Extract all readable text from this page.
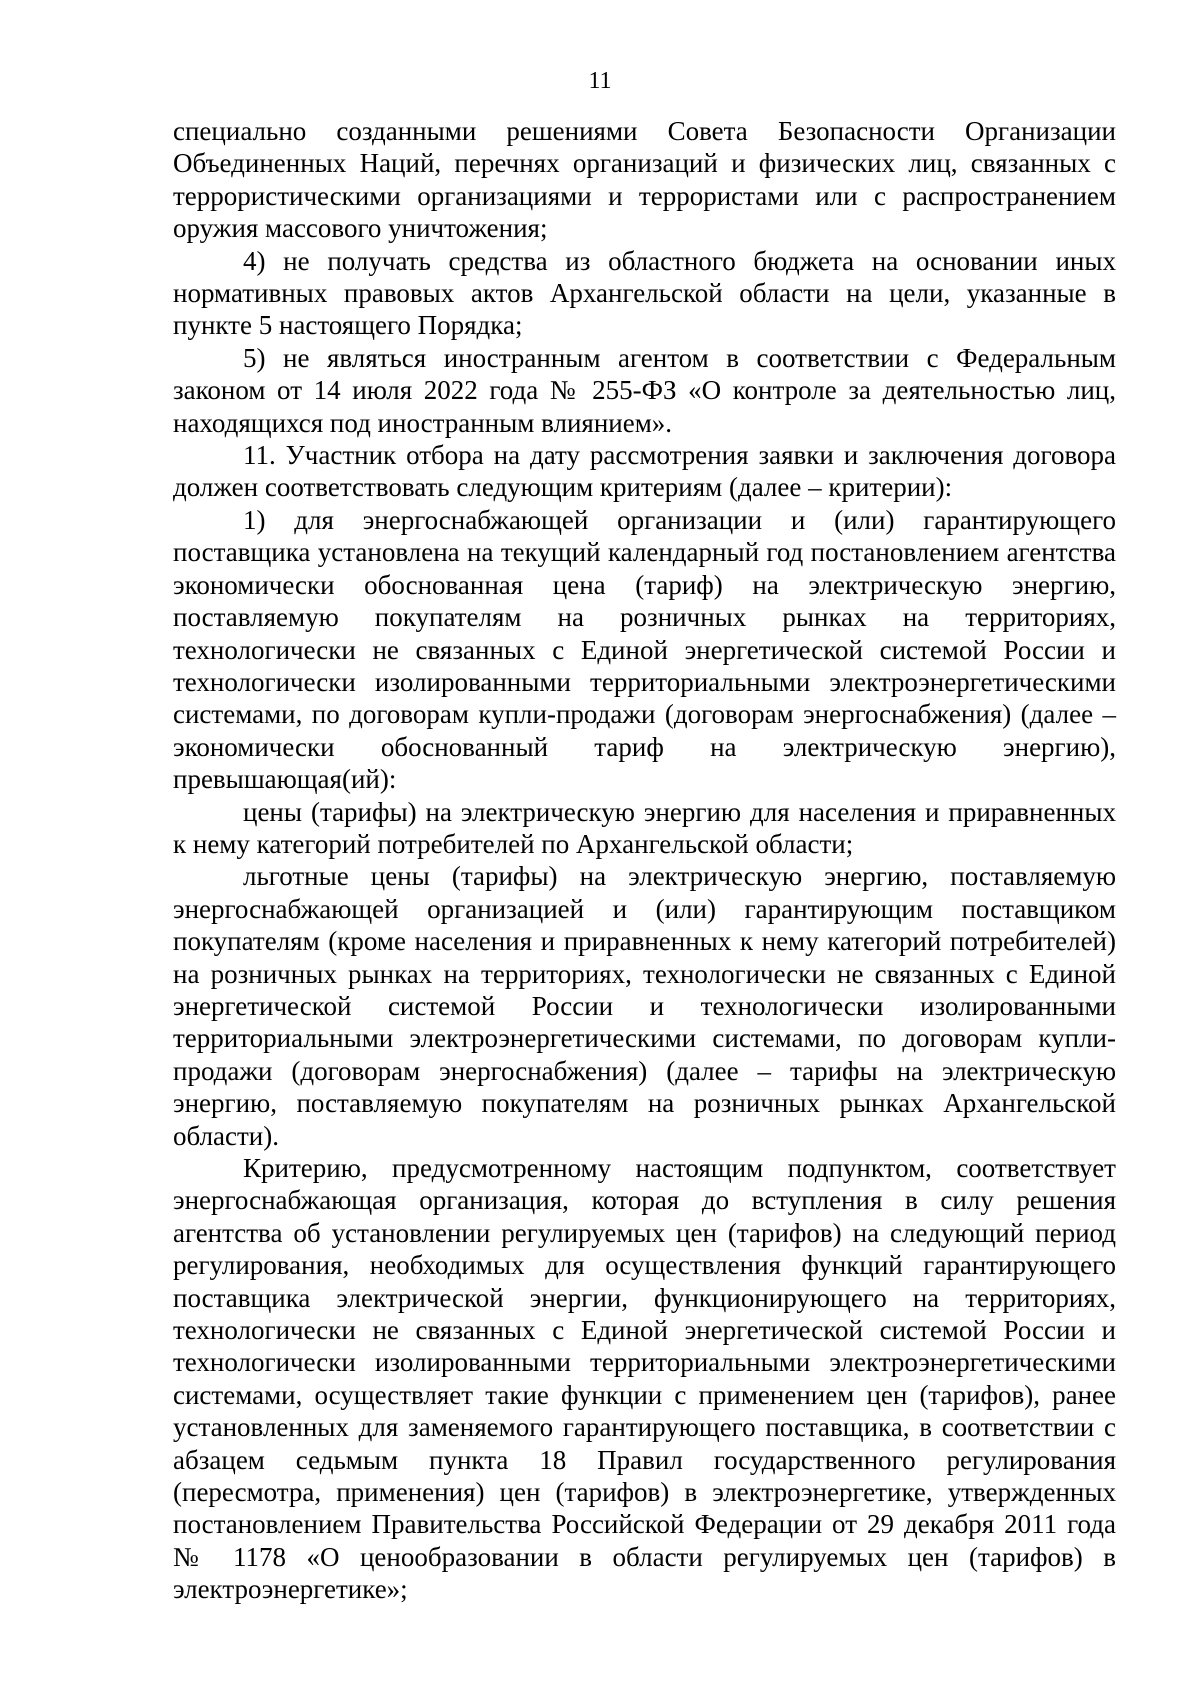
11

специально созданными решениями Совета Безопасности Организации Объединенных Наций, перечнях организаций и физических лиц, связанных с террористическими организациями и террористами или с распространением оружия массового уничтожения;

4) не получать средства из областного бюджета на основании иных нормативных правовых актов Архангельской области на цели, указанные в пункте 5 настоящего Порядка;

5) не являться иностранным агентом в соответствии с Федеральным законом от 14 июля 2022 года № 255-ФЗ «О контроле за деятельностью лиц, находящихся под иностранным влиянием».

11. Участник отбора на дату рассмотрения заявки и заключения договора должен соответствовать следующим критериям (далее – критерии):

1) для энергоснабжающей организации и (или) гарантирующего поставщика установлена на текущий календарный год постановлением агентства экономически обоснованная цена (тариф) на электрическую энергию, поставляемую покупателям на розничных рынках на территориях, технологически не связанных с Единой энергетической системой России и технологически изолированными территориальными электроэнергетическими системами, по договорам купли-продажи (договорам энергоснабжения) (далее – экономически обоснованный тариф на электрическую энергию), превышающая(ий):

цены (тарифы) на электрическую энергию для населения и приравненных к нему категорий потребителей по Архангельской области;

льготные цены (тарифы) на электрическую энергию, поставляемую энергоснабжающей организацией и (или) гарантирующим поставщиком покупателям (кроме населения и приравненных к нему категорий потребителей) на розничных рынках на территориях, технологически не связанных с Единой энергетической системой России и технологически изолированными территориальными электроэнергетическими системами, по договорам купли-продажи (договорам энергоснабжения) (далее – тарифы на электрическую энергию, поставляемую покупателям на розничных рынках Архангельской области).

Критерию, предусмотренному настоящим подпунктом, соответствует энергоснабжающая организация, которая до вступления в силу решения агентства об установлении регулируемых цен (тарифов) на следующий период регулирования, необходимых для осуществления функций гарантирующего поставщика электрической энергии, функционирующего на территориях, технологически не связанных с Единой энергетической системой России и технологически изолированными территориальными электроэнергетическими системами, осуществляет такие функции с применением цен (тарифов), ранее установленных для заменяемого гарантирующего поставщика, в соответствии с абзацем седьмым пункта 18 Правил государственного регулирования (пересмотра, применения) цен (тарифов) в электроэнергетике, утвержденных постановлением Правительства Российской Федерации от 29 декабря 2011 года № 1178 «О ценообразовании в области регулируемых цен (тарифов) в электроэнергетике»;
